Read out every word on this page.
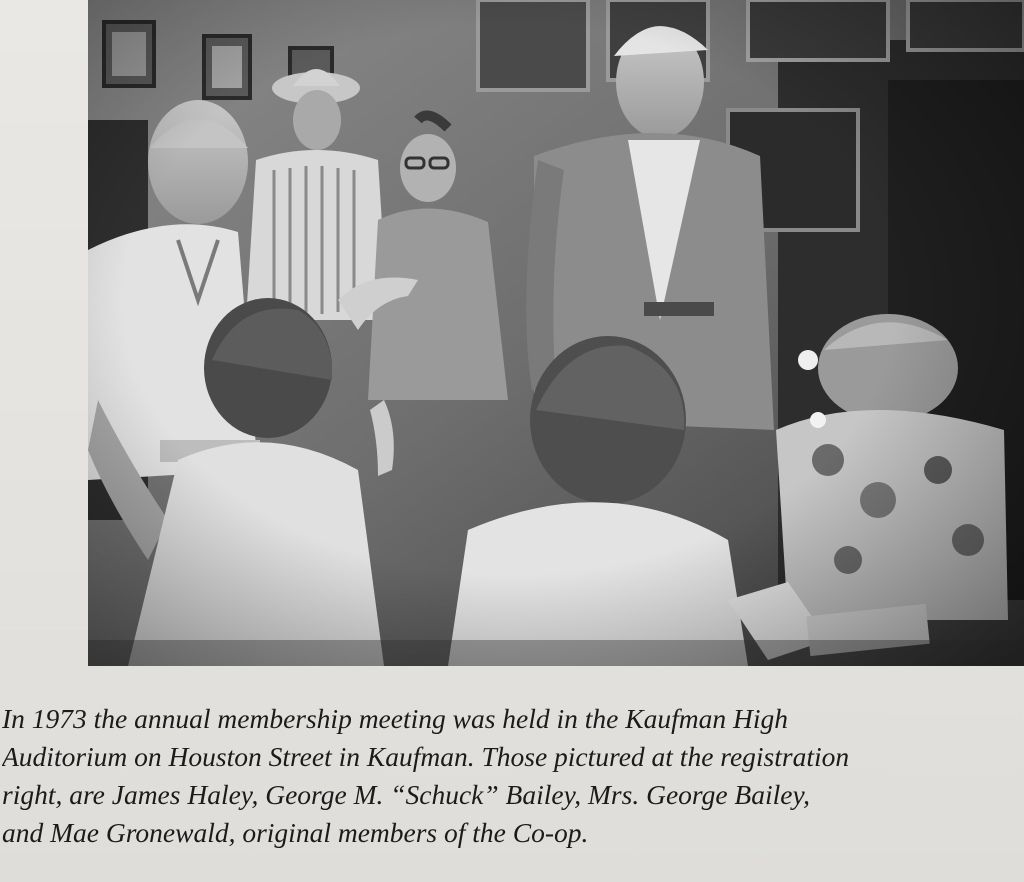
In 1973 the annual membership meeting was held in the Kaufman High
Auditorium on Houston Street in Kaufman. Those pictured at the registration
right, are James Haley, George M. “Schuck” Bailey, Mrs. George Bailey,
and Mae Gronewald, original members of the Co-op.
